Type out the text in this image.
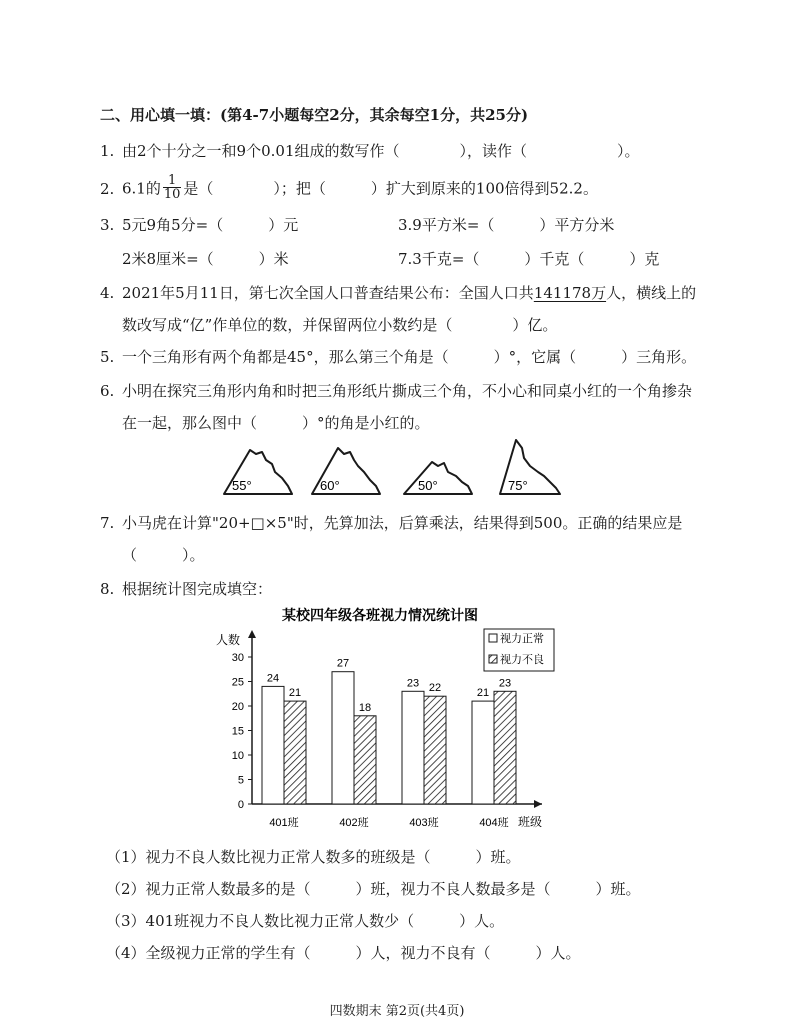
二、用心填一填：(第4-7小题每空2分，其余每空1分，共25分)
1. 由2个十分之一和9个0.01组成的数写作（　　　　），读作（　　　　　　）。
2. 6.1的 $\frac{1}{10}$ 是（　　　　）；把（　　　）扩大到原来的100倍得到52.2。
3. 5元9角5分=（　　　）元	3.9平方米=（　　　）平方分米
2米8厘米=（　　　）米	7.3千克=（　　　）千克（　　　）克
4. 2021年5月11日，第七次全国人口普查结果公布：全国人口共141178万人，横线上的
数改写成“亿”作单位的数，并保留两位小数约是（　　　　）亿。
5. 一个三角形有两个角都是45°，那么第三个角是（　　　）°，它属（　　　）三角形。
6. 小明在探究三角形内角和时把三角形纸片撕成三个角，不小心和同桌小红的一个角掺杂
在一起，那么图中（　　　）°的角是小红的。
55°	60°	50°	75°
7. 小马虎在计算"20+□×5"时，先算加法，后算乘法，结果得到500。正确的结果应是
（　　　）。
8. 根据统计图完成填空：
某校四年级各班视力情况统计图
人数
班级
0
5
10
15
20
25
30
24
21
401班
27
18
402班
23 22
403班
21
23
404班
视力正常
视力不良
（1）视力不良人数比视力正常人数多的班级是（　　　）班。
（2）视力正常人数最多的是（　　　）班，视力不良人数最多是（　　　）班。
（3）401班视力不良人数比视力正常人数少（　　　）人。
（4）全级视力正常的学生有（　　　）人，视力不良有（　　　）人。
四数期末 第2页(共4页)
